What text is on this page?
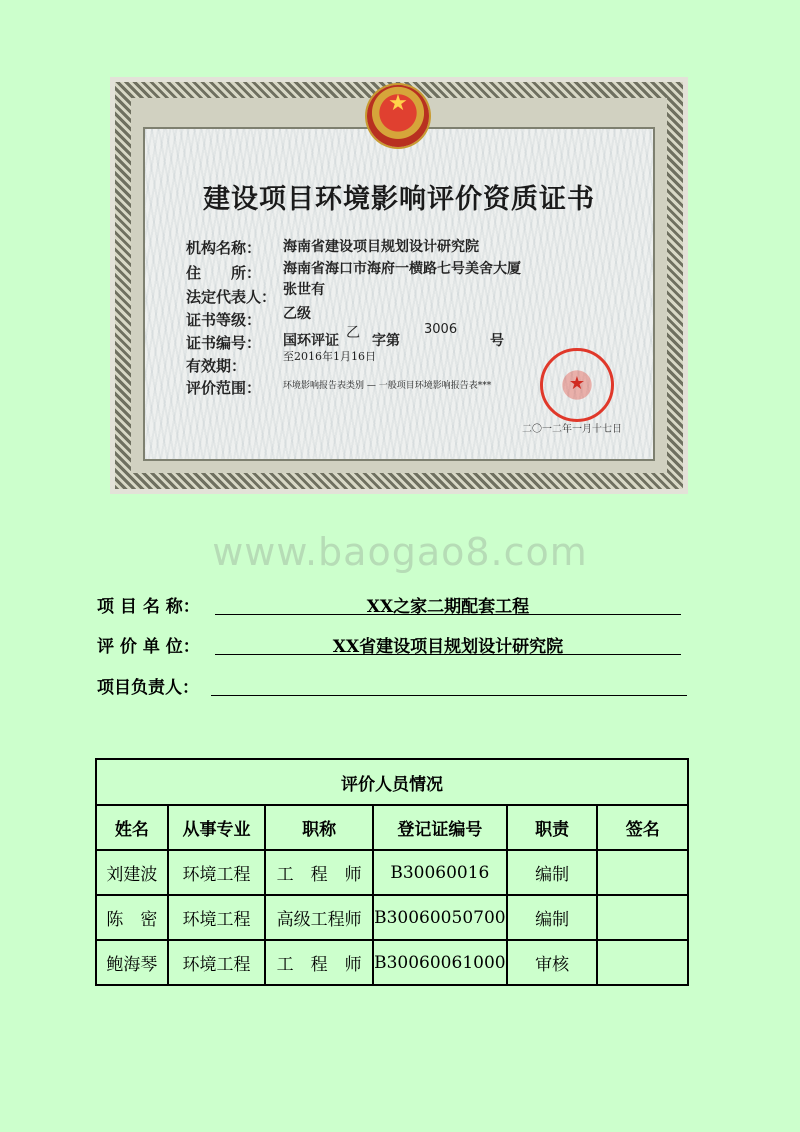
★
建设项目环境影响评价资质证书
机构名称： 海南省建设项目规划设计研究院
住　　所： 海南省海口市海府一横路七号美舍大厦
法定代表人： 张世有
证书等级： 乙级
证书编号： 国环评证 乙 字第
3006
号
有效期：
至2016年1月16日
评价范围： 环境影响报告表类别 — 一般项目环境影响报告表***	★
二〇一二年一月十七日
www.baogao8.com
项 目 名 称：	XX之家二期配套工程
评 价 单 位：	XX省建设项目规划设计研究院
项目负责人：
评价人员情况					
姓名	从事专业	职称	登记证编号	职责	签名
刘建波	环境工程	工　程　师	B30060016	编制	
陈　密	环境工程	高级工程师	B30060050700	编制	
鲍海琴	环境工程	工　程　师	B30060061000	审核	
